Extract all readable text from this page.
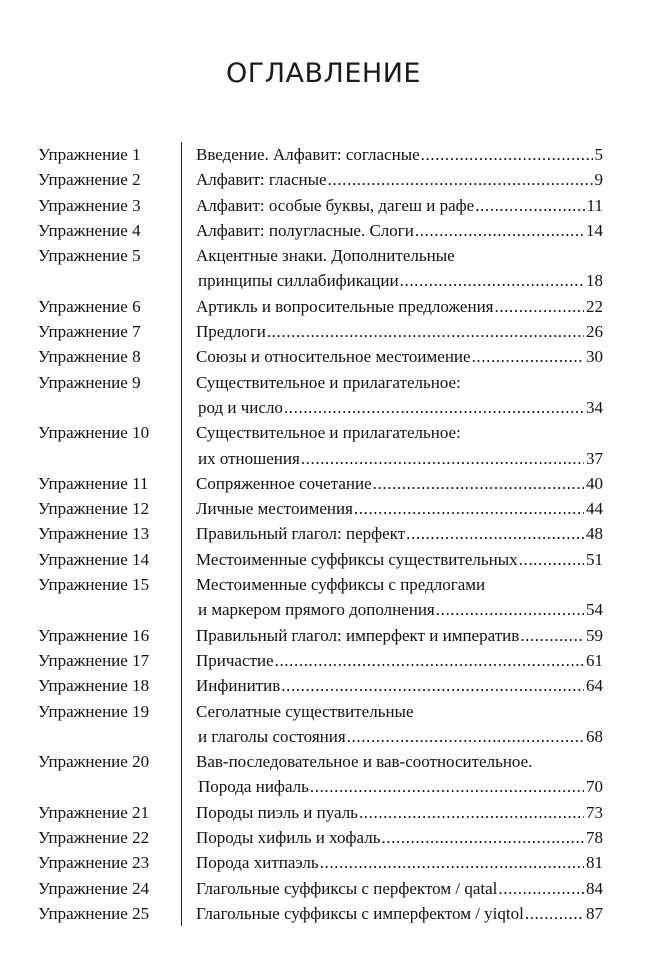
ОГЛАВЛЕНИЕ
Упражнение 1	Введение. Алфавит: согласные .....	5
Упражнение 2	Алфавит: гласные .....	9
Упражнение 3	Алфавит: особые буквы, дагеш и рафе .....	11
Упражнение 4	Алфавит: полугласные. Слоги .....	14
Упражнение 5	Акцентные знаки. Дополнительные
принципы силлабификации .....	18
Упражнение 6	Артикль и вопросительные предложения .....	22
Упражнение 7	Предлоги .....	26
Упражнение 8	Союзы и относительное местоимение .....	30
Упражнение 9	Существительное и прилагательное:
род и число .....	34
Упражнение 10	Существительное и прилагательное:
их отношения .....	37
Упражнение 11	Сопряженное сочетание .....	40
Упражнение 12	Личные местоимения .....	44
Упражнение 13	Правильный глагол: перфект .....	48
Упражнение 14	Местоименные суффиксы существительных .....	51
Упражнение 15	Местоименные суффиксы с предлогами
и маркером прямого дополнения .....	54
Упражнение 16	Правильный глагол: имперфект и императив .....	59
Упражнение 17	Причастие .....	61
Упражнение 18	Инфинитив .....	64
Упражнение 19	Сеголатные существительные
и глаголы состояния .....	68
Упражнение 20	Вав-последовательное и вав-соотносительное.
Порода нифаль .....	70
Упражнение 21	Породы пиэль и пуаль .....	73
Упражнение 22	Породы хифиль и хофаль .....	78
Упражнение 23	Порода хитпаэль .....	81
Упражнение 24	Глагольные суффиксы с перфектом / qatal .....	84
Упражнение 25	Глагольные суффиксы с имперфектом / yiqtol .....	87
